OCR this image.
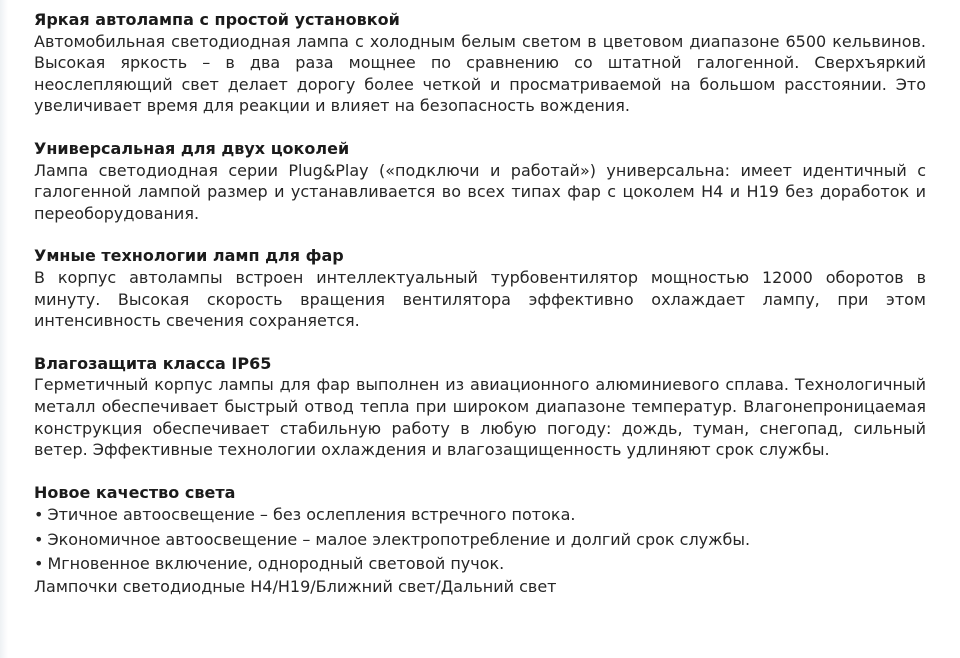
Яркая автолампа с простой установкой

Автомобильная светодиодная лампа с холодным белым светом в цветовом диапазоне 6500 кельвинов. Высокая яркость – в два раза мощнее по сравнению со штатной галогенной. Сверхъяркий неослепляющий свет делает дорогу более четкой и просматриваемой на большом расстоянии. Это увеличивает время для реакции и влияет на безопасность вождения.

Универсальная для двух цоколей

Лампа светодиодная серии Plug&Play («подключи и работай») универсальна: имеет идентичный с галогенной лампой размер и устанавливается во всех типах фар с цоколем H4 и H19 без доработок и переоборудования.

Умные технологии ламп для фар

В корпус автолампы встроен интеллектуальный турбовентилятор мощностью 12000 оборотов в минуту. Высокая скорость вращения вентилятора эффективно охлаждает лампу, при этом интенсивность свечения сохраняется.

Влагозащита класса IP65

Герметичный корпус лампы для фар выполнен из авиационного алюминиевого сплава. Технологичный металл обеспечивает быстрый отвод тепла при широком диапазоне температур. Влагонепроницаемая конструкция обеспечивает стабильную работу в любую погоду: дождь, туман, снегопад, сильный ветер. Эффективные технологии охлаждения и влагозащищенность удлиняют срок службы.

Новое качество света
• Этичное автоосвещение – без ослепления встречного потока.
• Экономичное автоосвещение – малое электропотребление и долгий срок службы.
• Мгновенное включение, однородный световой пучок.

Лампочки светодиодные H4/H19/Ближний свет/Дальний свет
